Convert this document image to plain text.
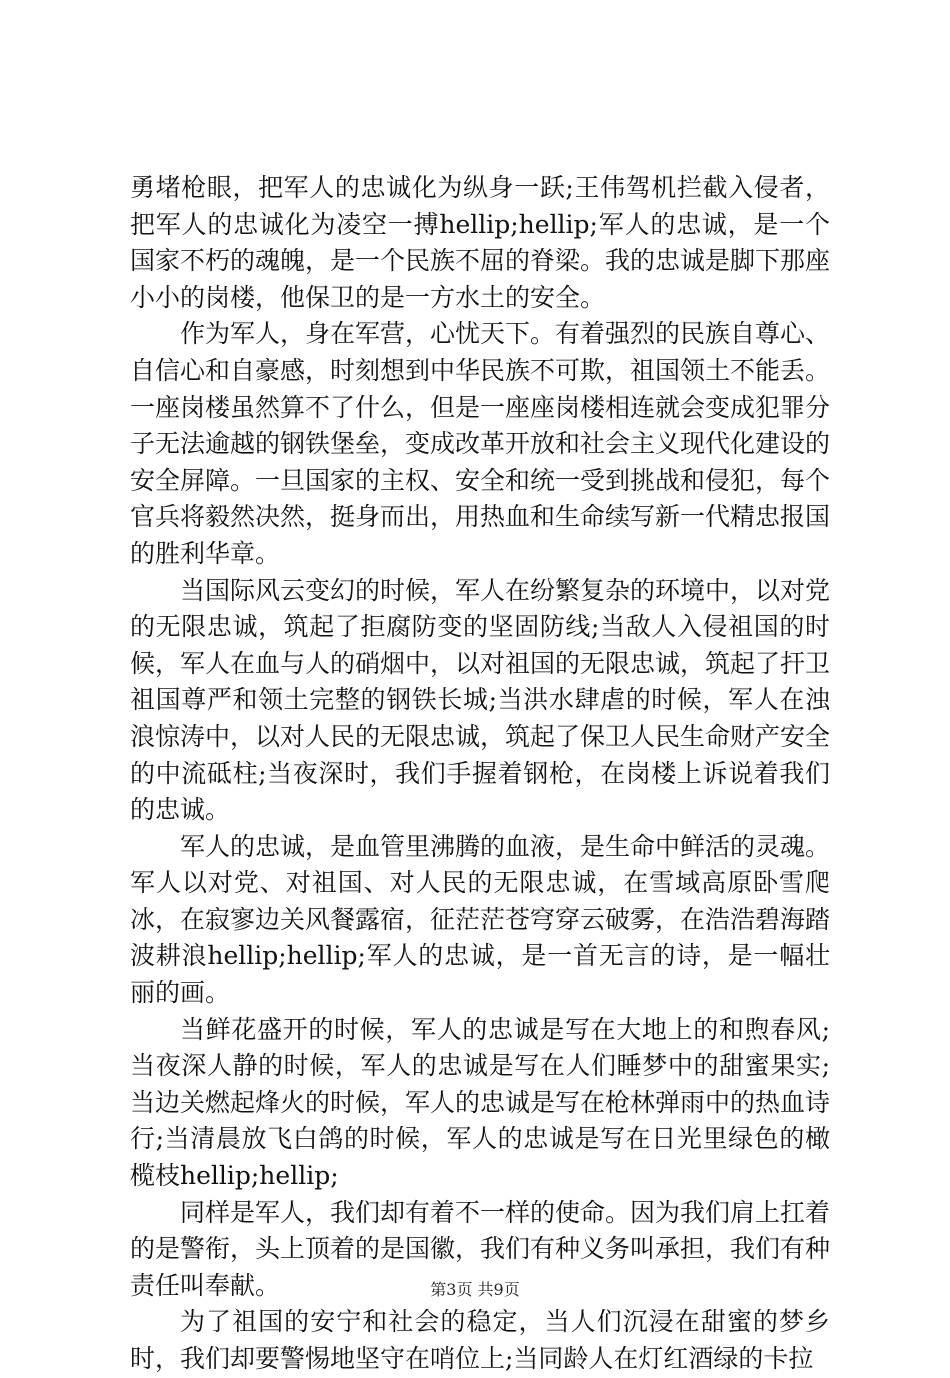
勇堵枪眼，把军人的忠诚化为纵身一跃;王伟驾机拦截入侵者，把军人的忠诚化为凌空一搏hellip;hellip;军人的忠诚，是一个国家不朽的魂魄，是一个民族不屈的脊梁。我的忠诚是脚下那座小小的岗楼，他保卫的是一方水土的安全。

作为军人，身在军营，心忧天下。有着强烈的民族自尊心、自信心和自豪感，时刻想到中华民族不可欺，祖国领土不能丢。一座岗楼虽然算不了什么，但是一座座岗楼相连就会变成犯罪分子无法逾越的钢铁堡垒，变成改革开放和社会主义现代化建设的安全屏障。一旦国家的主权、安全和统一受到挑战和侵犯，每个官兵将毅然决然，挺身而出，用热血和生命续写新一代精忠报国的胜利华章。

当国际风云变幻的时候，军人在纷繁复杂的环境中，以对党的无限忠诚，筑起了拒腐防变的坚固防线;当敌人入侵祖国的时候，军人在血与人的硝烟中，以对祖国的无限忠诚，筑起了扞卫祖国尊严和领土完整的钢铁长城;当洪水肆虐的时候，军人在浊浪惊涛中，以对人民的无限忠诚，筑起了保卫人民生命财产安全的中流砥柱;当夜深时，我们手握着钢枪，在岗楼上诉说着我们的忠诚。

军人的忠诚，是血管里沸腾的血液，是生命中鲜活的灵魂。军人以对党、对祖国、对人民的无限忠诚，在雪域高原卧雪爬冰，在寂寥边关风餐露宿，征茫茫苍穹穿云破雾，在浩浩碧海踏波耕浪hellip;hellip;军人的忠诚，是一首无言的诗，是一幅壮丽的画。

当鲜花盛开的时候，军人的忠诚是写在大地上的和煦春风;当夜深人静的时候，军人的忠诚是写在人们睡梦中的甜蜜果实;当边关燃起烽火的时候，军人的忠诚是写在枪林弹雨中的热血诗行;当清晨放飞白鸽的时候，军人的忠诚是写在日光里绿色的橄榄枝hellip;hellip;

同样是军人，我们却有着不一样的使命。因为我们肩上扛着的是警衔，头上顶着的是国徽，我们有种义务叫承担，我们有种责任叫奉献。

为了祖国的安宁和社会的稳定，当人们沉浸在甜蜜的梦乡时，我们却要警惕地坚守在哨位上;当同龄人在灯红酒绿的卡拉

第3页 共9页
